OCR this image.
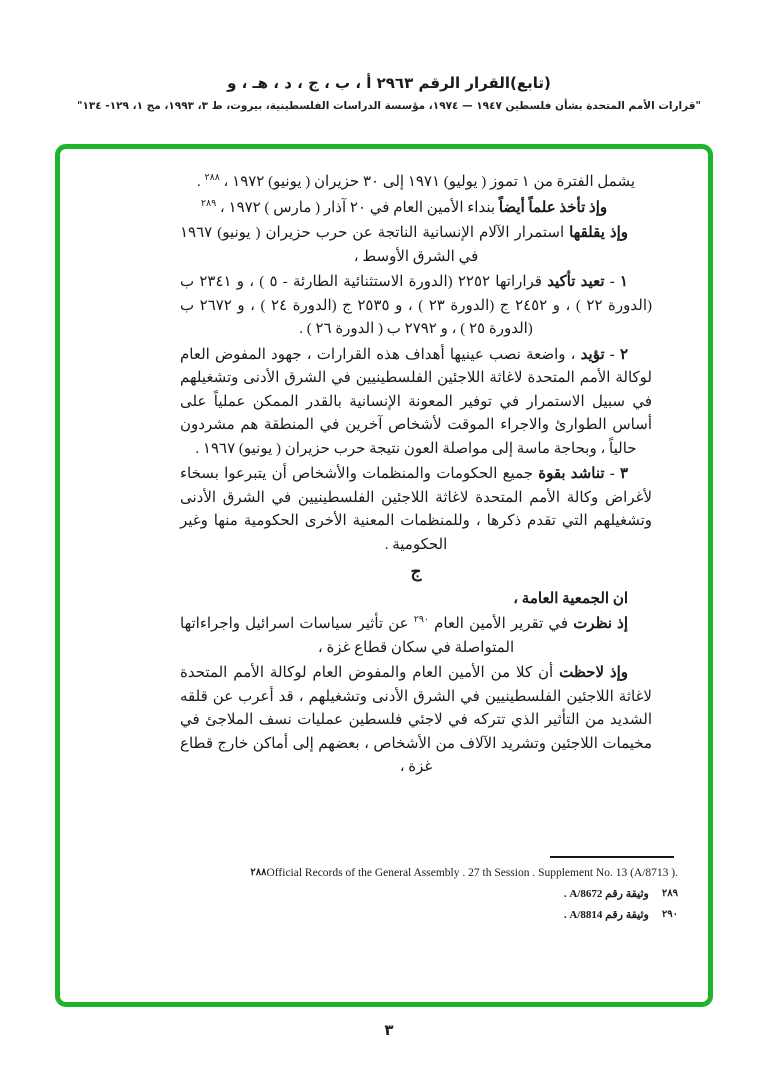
(تابع)القرار الرقم ٢٩٦٣ أ ، ب ، ج ، د ، هـ ، و
"قرارات الأمم المتحدة بشأن فلسطين ١٩٤٧ — ١٩٧٤، مؤسسة الدراسات الفلسطينية، بيروت، ط ٣، ١٩٩٣، مج ١، ١٢٩- ١٣٤"

يشمل الفترة من ١ تموز ( يوليو) ١٩٧١ إلى ٣٠ حزيران ( يونيو) ١٩٧٢ ، $^{٢٨٨}$ .

وإذ تأخذ علماً أيضاً بنداء الأمين العام في ٢٠ آذار ( مارس ) ١٩٧٢ ، $^{٢٨٩}$

وإذ يقلقها استمرار الآلام الإنسانية الناتجة عن حرب حزيران ( يونيو) ١٩٦٧ في الشرق الأوسط ،

١ - تعيد تأكيد قراراتها ٢٢٥٢ (الدورة الاستثنائية الطارئة - ٥ ) ، و ٢٣٤١ ب (الدورة ٢٢ ) ، و ٢٤٥٢ ج (الدورة ٢٣ ) ، و ٢٥٣٥ ج (الدورة ٢٤ ) ، و ٢٦٧٢ ب (الدورة ٢٥ ) ، و ٢٧٩٢ ب ( الدورة ٢٦ ) .

٢ - تؤيد ، واضعة نصب عينيها أهداف هذه القرارات ، جهود المفوض العام لوكالة الأمم المتحدة لاغاثة اللاجئين الفلسطينيين في الشرق الأدنى وتشغيلهم في سبيل الاستمرار في توفير المعونة الإنسانية بالقدر الممكن عملياً على أساس الطوارئ والاجراء الموقت لأشخاص آخرين في المنطقة هم مشردون حالياً ، وبحاجة ماسة إلى مواصلة العون نتيجة حرب حزيران ( يونيو) ١٩٦٧ .

٣ - تناشد بقوة جميع الحكومات والمنظمات والأشخاص أن يتبرعوا بسخاء لأغراض وكالة الأمم المتحدة لاغاثة اللاجئين الفلسطينيين في الشرق الأدنى وتشغيلهم التي تقدم ذكرها ، وللمنظمات المعنية الأخرى الحكومية منها وغير الحكومية .

ج

ان الجمعية العامة ،

إذ نظرت في تقرير الأمين العام $^{٢٩٠}$ عن تأثير سياسات اسرائيل واجراءاتها المتواصلة في سكان قطاع غزة ،

وإذ لاحظت أن كلا من الأمين العام والمفوض العام لوكالة الأمم المتحدة لاغاثة اللاجئين الفلسطينيين في الشرق الأدنى وتشغيلهم ، قد أعرب عن قلقه الشديد من التأثير الذي تتركه في لاجئي فلسطين عمليات نسف الملاجئ في مخيمات اللاجئين وتشريد الآلاف من الأشخاص ، بعضهم إلى أماكن خارج قطاع غزة ،

٢٨٨Official Records of the General Assembly . 27 th Session . Supplement No. 13 (A/8713 ).
٢٨٩وثيقة رقم A/8672 .
٢٩٠وثيقة رقم A/8814 .
٣
